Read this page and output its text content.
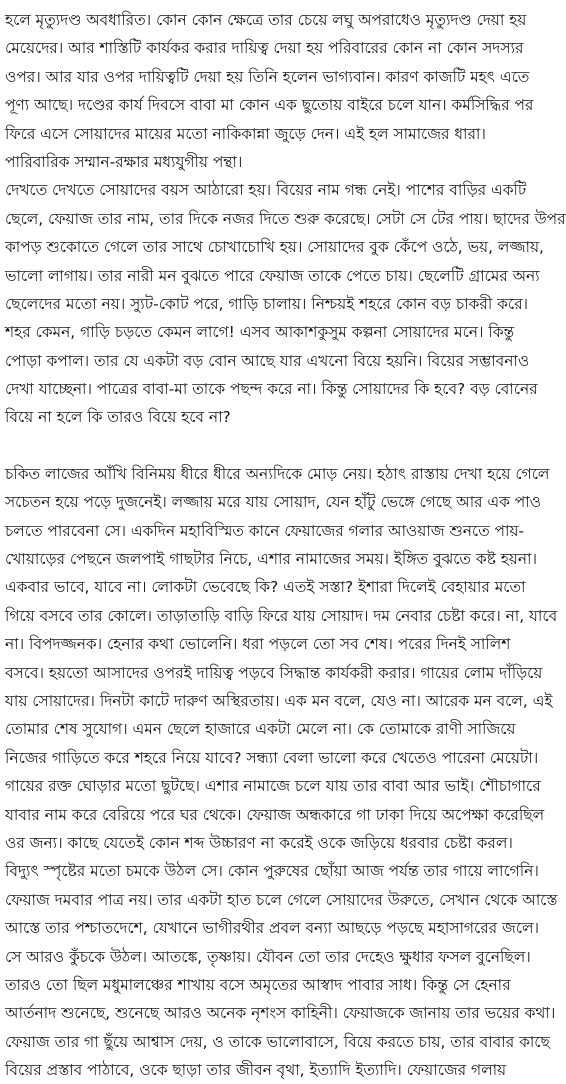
হলে মৃত্যুদণ্ড অবধারিত। কোন কোন ক্ষেত্রে তার চেয়ে লঘু অপরাধেও মৃত্যুদণ্ড দেয়া হয়
মেয়েদের। আর শাস্তিটি কার্যকর করার দায়িত্ব দেয়া হয় পরিবারের কোন না কোন সদস্যর
ওপর। আর যার ওপর দায়িত্বটি দেয়া হয় তিনি হলেন ভাগ্যবান। কারণ কাজটি মহৎ এতে
পূণ্য আছে। দণ্ডের কার্য দিবসে বাবা মা কোন এক ছুতোয় বাইরে চলে যান। কর্মসিদ্ধির পর
ফিরে এসে সোয়াদের মায়ের মতো নাকিকান্না জুড়ে দেন। এই হল সামাজের ধারা।
পারিবারিক সম্মান-রক্ষার মধ্যযুগীয় পন্থা।
দেখতে দেখতে সোয়াদের বয়স আঠারো হয়। বিয়ের নাম গন্ধ নেই। পাশের বাড়ির একটি
ছেলে, ফেয়াজ তার নাম, তার দিকে নজর দিতে শুরু করেছে। সেটা সে টের পায়। ছাদের উপর
কাপড় শুকোতে গেলে তার সাথে চোখাচোখি হয়। সোয়াদের বুক কেঁপে ওঠে, ভয়, লজ্জায়,
ভালো লাগায়। তার নারী মন বুঝতে পারে ফেয়াজ তাকে পেতে চায়। ছেলেটি গ্রামের অন্য
ছেলেদের মতো নয়। স্যুট-কোট পরে, গাড়ি চালায়। নিশ্চয়ই শহরে কোন বড় চাকরী করে।
শহর কেমন, গাড়ি চড়তে কেমন লাগে! এসব আকাশকুসুম কল্পনা সোয়াদের মনে। কিন্তু
পোড়া কপাল। তার যে একটা বড় বোন আছে যার এখনো বিয়ে হয়নি। বিয়ের সম্ভাবনাও
দেখা যাচ্ছেনা। পাত্রের বাবা-মা তাকে পছন্দ করে না। কিন্তু সোয়াদের কি হবে? বড় বোনের
বিয়ে না হলে কি তারও বিয়ে হবে না?
চকিত লাজের আঁখি বিনিময় ধীরে ধীরে অন্যদিকে মোড় নেয়। হঠাৎ রাস্তায় দেখা হয়ে গেলে
সচেতন হয়ে পড়ে দুজনেই। লজ্জায় মরে যায় সোয়াদ, যেন হাঁটু ভেঙ্গে গেছে আর এক পাও
চলতে পারবেনা সে। একদিন মহাবিস্মিত কানে ফেয়াজের গলার আওয়াজ শুনতে পায়-
খোয়াড়ের পেছনে জলপাই গাছটার নিচে, এশার নামাজের সময়। ইঙ্গিত বুঝতে কষ্ট হয়না।
একবার ভাবে, যাবে না। লোকটা ভেবেছে কি? এতই সস্তা? ইশারা দিলেই বেহায়ার মতো
গিয়ে বসবে তার কোলে। তাড়াতাড়ি বাড়ি ফিরে যায় সোয়াদ। দম নেবার চেষ্টা করে। না, যাবে
না। বিপদজ্জনক। হেনার কথা ভোলেনি। ধরা পড়লে তো সব শেষ। পরের দিনই সালিশ
বসবে। হয়তো আসাদের ওপরই দায়িত্ব পড়বে সিদ্ধান্ত কার্যকরী করার। গায়ের লোম দাঁড়িয়ে
যায় সোয়াদের। দিনটা কাটে দারুণ অস্থিরতায়। এক মন বলে, যেও না। আরেক মন বলে, এই
তোমার শেষ সুযোগ। এমন ছেলে হাজারে একটা মেলে না। কে তোমাকে রাণী সাজিয়ে
নিজের গাড়িতে করে শহরে নিয়ে যাবে? সন্ধ্যা বেলা ভালো করে খেতেও পারেনা মেয়েটা।
গায়ের রক্ত ঘোড়ার মতো ছুটছে। এশার নামাজে চলে যায় তার বাবা আর ভাই। শৌচাগারে
যাবার নাম করে বেরিয়ে পরে ঘর থেকে। ফেয়াজ অন্ধকারে গা ঢাকা দিয়ে অপেক্ষা করেছিল
ওর জন্য। কাছে যেতেই কোন শব্দ উচ্চারণ না করেই ওকে জড়িয়ে ধরবার চেষ্টা করল।
বিদ্যুৎ স্পৃষ্টের মতো চমকে উঠল সে। কোন পুরুষের ছোঁয়া আজ পর্যন্ত তার গায়ে লাগেনি।
ফেয়াজ দমবার পাত্র নয়। তার একটা হাত চলে গেলে সোয়াদের উরুতে, সেখান থেকে আস্তে
আস্তে তার পশ্চাতদেশে, যেখানে ভাগীরথীর প্রবল বন্যা আছড়ে পড়ছে মহাসাগরের জলে।
সে আরও কুঁচকে উঠল। আতঙ্কে, তৃষ্ণায়। যৌবন তো তার দেহেও ক্ষুধার ফসল বুনেছিল।
তারও তো ছিল মধুমালঞ্চের শাখায় বসে অমৃতের আস্বাদ পাবার সাধ। কিন্তু সে হেনার
আর্তনাদ শুনেছে, শুনেছে আরও অনেক নৃশংস কাহিনী। ফেয়াজকে জানায় তার ভয়ের কথা।
ফেয়াজ তার গা ছুঁয়ে আশ্বাস দেয়, ও তাকে ভালোবাসে, বিয়ে করতে চায়, তার বাবার কাছে
বিয়ের প্রস্তাব পাঠাবে, ওকে ছাড়া তার জীবন বৃথা, ইত্যাদি ইত্যাদি। ফেয়াজের গলায়
